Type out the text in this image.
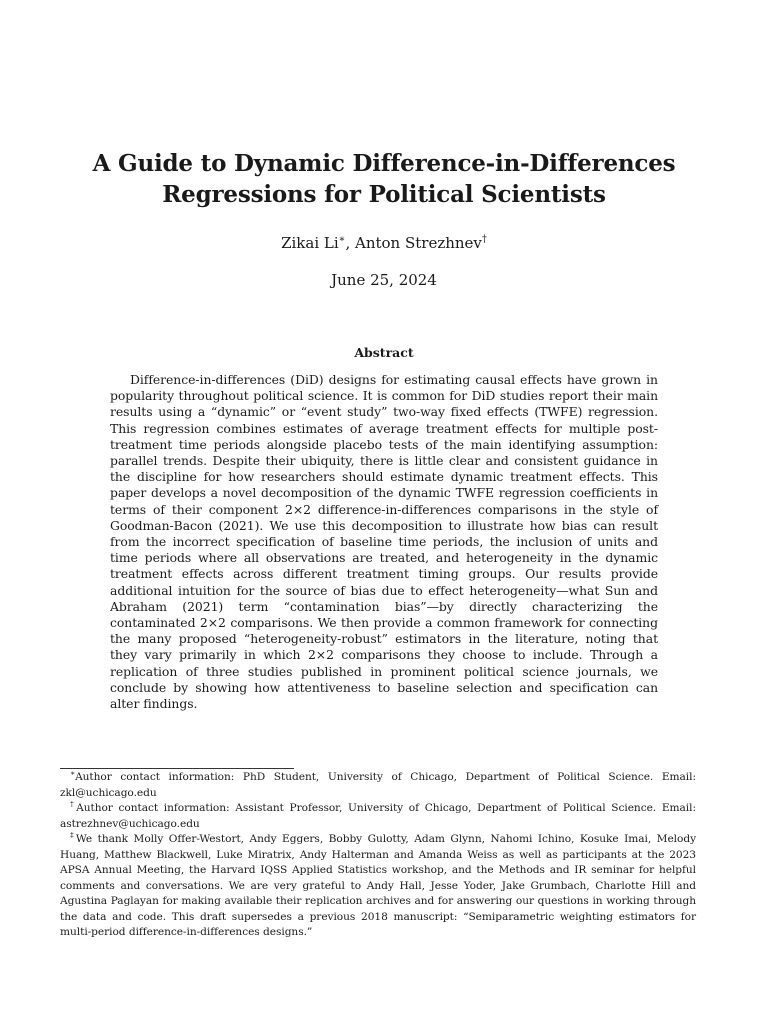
A Guide to Dynamic Difference-in-Differences Regressions for Political Scientists
Zikai Li∗, Anton Strezhnev†
June 25, 2024
Abstract

Difference-in-differences (DiD) designs for estimating causal effects have grown in popularity throughout political science. It is common for DiD studies report their main results using a “dynamic” or “event study” two-way fixed effects (TWFE) regression. This regression combines estimates of average treatment effects for multiple post-treatment time periods alongside placebo tests of the main identifying assumption: parallel trends. Despite their ubiquity, there is little clear and consistent guidance in the discipline for how researchers should estimate dynamic treatment effects. This paper develops a novel decomposition of the dynamic TWFE regression coefficients in terms of their component 2×2 difference-in-differences comparisons in the style of Goodman-Bacon (2021). We use this decomposition to illustrate how bias can result from the incorrect specification of baseline time periods, the inclusion of units and time periods where all observations are treated, and heterogeneity in the dynamic treatment effects across different treatment timing groups. Our results provide additional intuition for the source of bias due to effect heterogeneity—what Sun and Abraham (2021) term “contamination bias”—by directly characterizing the contaminated 2×2 comparisons. We then provide a common framework for connecting the many proposed “heterogeneity-robust” estimators in the literature, noting that they vary primarily in which 2×2 comparisons they choose to include. Through a replication of three studies published in prominent political science journals, we conclude by showing how attentiveness to baseline selection and specification can alter findings.

∗Author contact information: PhD Student, University of Chicago, Department of Political Science. Email: zkl@uchicago.edu

†Author contact information: Assistant Professor, University of Chicago, Department of Political Science. Email: astrezhnev@uchicago.edu

‡We thank Molly Offer-Westort, Andy Eggers, Bobby Gulotty, Adam Glynn, Nahomi Ichino, Kosuke Imai, Melody Huang, Matthew Blackwell, Luke Miratrix, Andy Halterman and Amanda Weiss as well as participants at the 2023 APSA Annual Meeting, the Harvard IQSS Applied Statistics workshop, and the Methods and IR seminar for helpful comments and conversations. We are very grateful to Andy Hall, Jesse Yoder, Jake Grumbach, Charlotte Hill and Agustina Paglayan for making available their replication archives and for answering our questions in working through the data and code. This draft supersedes a previous 2018 manuscript: “Semiparametric weighting estimators for multi-period difference-in-differences designs.”
